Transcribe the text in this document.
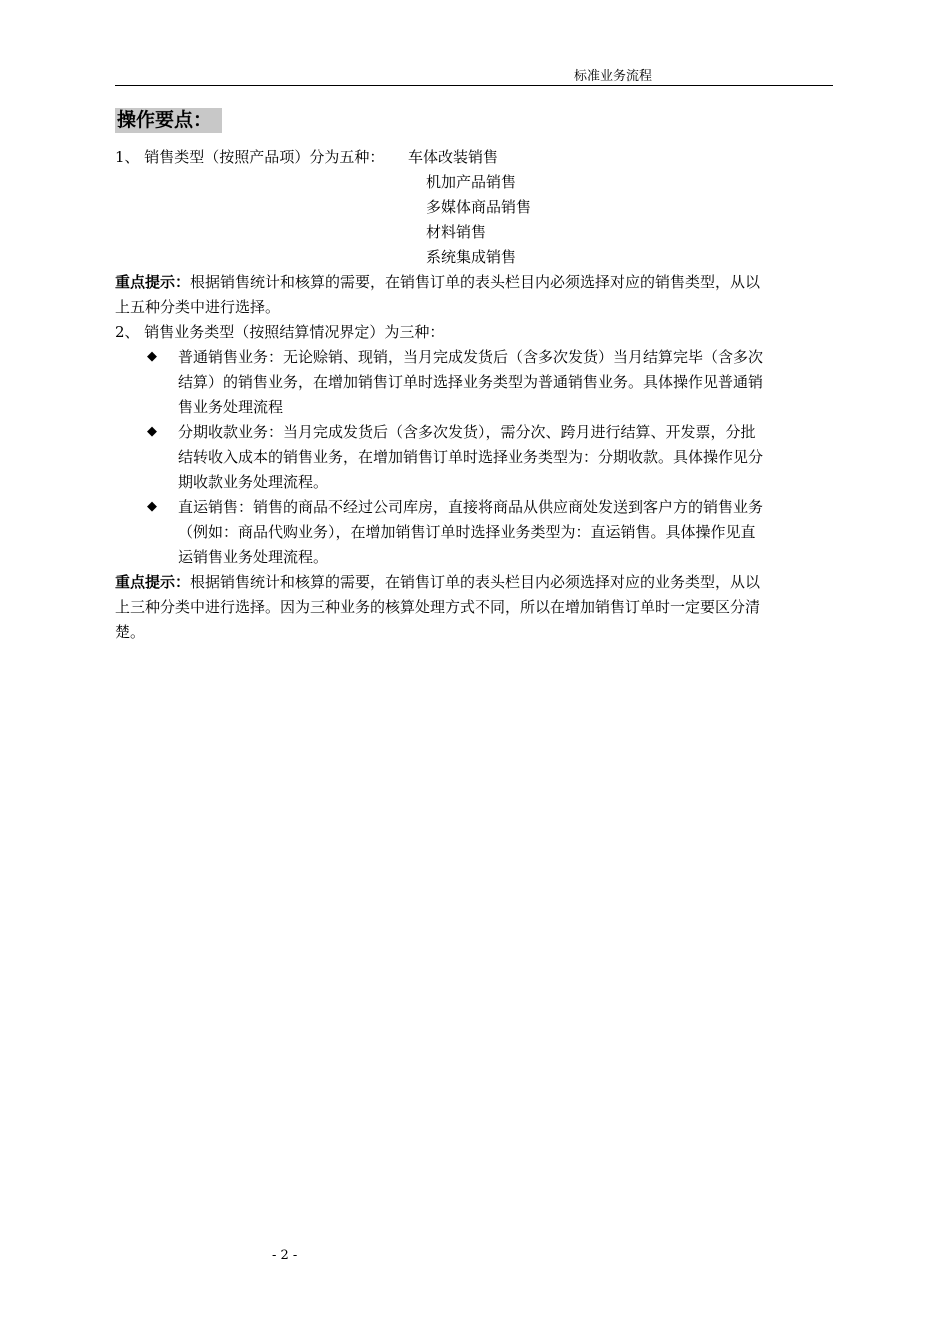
标准业务流程
操作要点：
1、 销售类型（按照产品项）分为五种： 车体改装销售
机加产品销售
多媒体商品销售
材料销售
系统集成销售
重点提示：根据销售统计和核算的需要，在销售订单的表头栏目内必须选择对应的销售类型，从以
上五种分类中进行选择。
2、 销售业务类型（按照结算情况界定）为三种：
◆ 普通销售业务：无论赊销、现销，当月完成发货后（含多次发货）当月结算完毕（含多次
结算）的销售业务，在增加销售订单时选择业务类型为普通销售业务。具体操作见普通销
售业务处理流程
◆ 分期收款业务：当月完成发货后（含多次发货），需分次、跨月进行结算、开发票，分批
结转收入成本的销售业务，在增加销售订单时选择业务类型为：分期收款。具体操作见分
期收款业务处理流程。
◆ 直运销售：销售的商品不经过公司库房，直接将商品从供应商处发送到客户方的销售业务
（例如：商品代购业务），在增加销售订单时选择业务类型为：直运销售。具体操作见直
运销售业务处理流程。
重点提示：根据销售统计和核算的需要，在销售订单的表头栏目内必须选择对应的业务类型，从以
上三种分类中进行选择。因为三种业务的核算处理方式不同，所以在增加销售订单时一定要区分清
楚。
- 2 -
